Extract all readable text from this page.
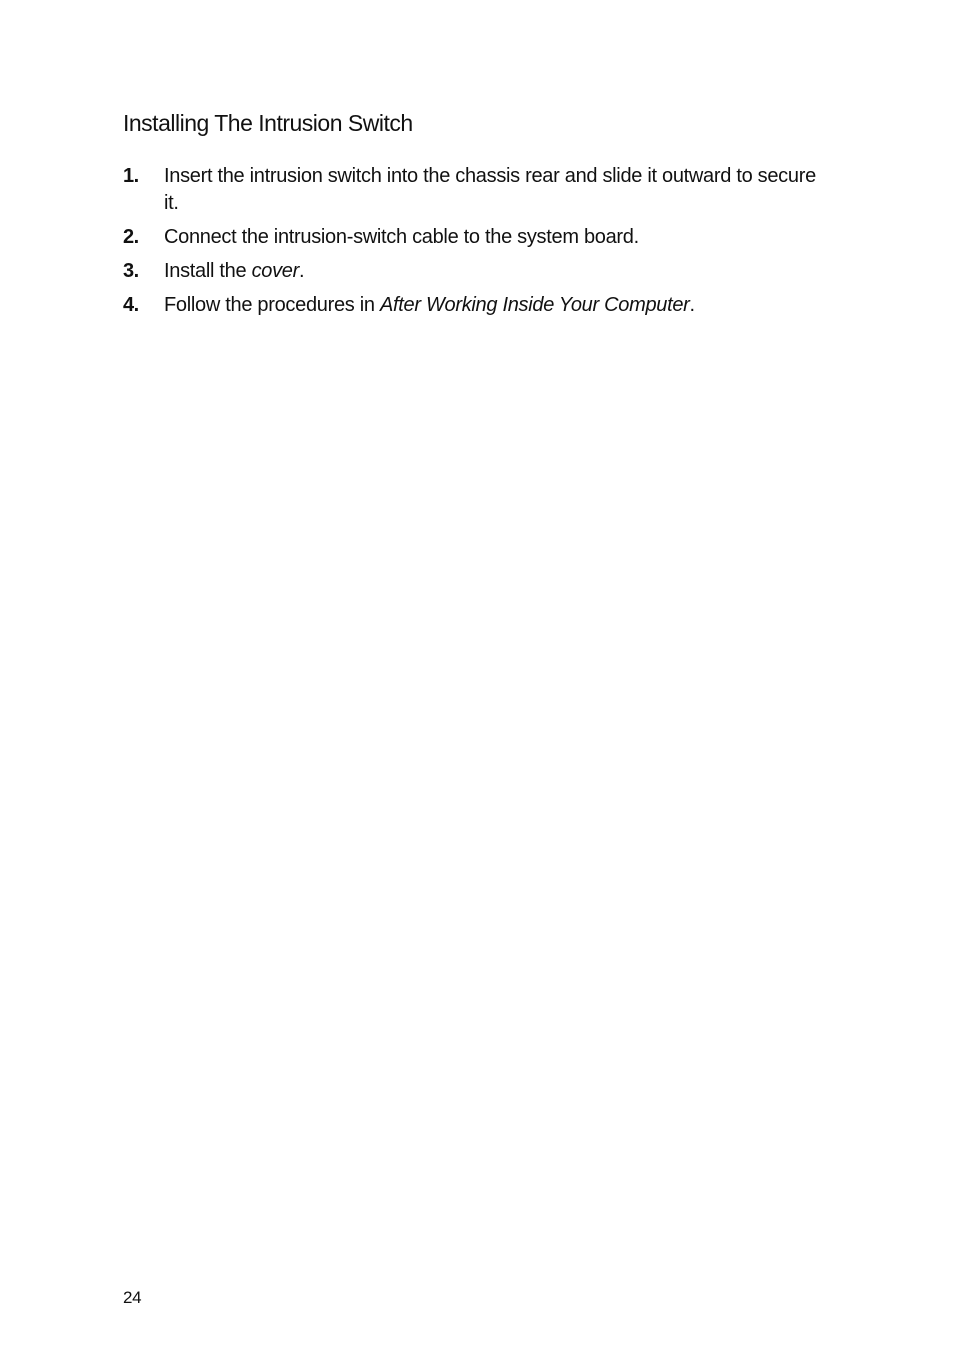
Installing The Intrusion Switch
1. Insert the intrusion switch into the chassis rear and slide it outward to secure it.
2. Connect the intrusion-switch cable to the system board.
3. Install the cover.
4. Follow the procedures in After Working Inside Your Computer.
24
